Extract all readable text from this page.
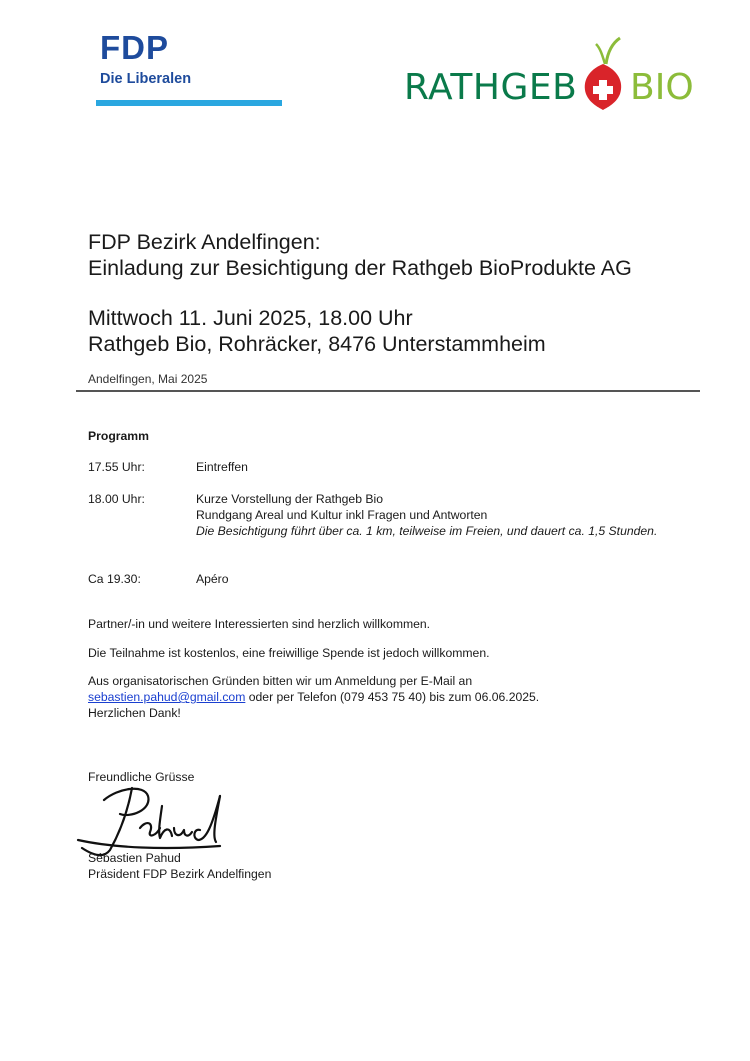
FDP
Die Liberalen	RATHGEB BIO
FDP Bezirk Andelfingen:
Einladung zur Besichtigung der Rathgeb BioProdukte AG
Mittwoch 11. Juni 2025, 18.00 Uhr
Rathgeb Bio, Rohräcker, 8476 Unterstammheim
Andelfingen, Mai 2025
Programm
17.55 Uhr:	Eintreffen
18.00 Uhr:	Kurze Vorstellung der Rathgeb Bio
Rundgang Areal und Kultur inkl Fragen und Antworten
Die Besichtigung führt über ca. 1 km, teilweise im Freien, und dauert ca. 1,5 Stunden.
Ca 19.30:	Apéro
Partner/-in und weitere Interessierten sind herzlich willkommen.
Die Teilnahme ist kostenlos, eine freiwillige Spende ist jedoch willkommen.
Aus organisatorischen Gründen bitten wir um Anmeldung per E-Mail an
sebastien.pahud@gmail.com oder per Telefon (079 453 75 40) bis zum 06.06.2025.
Herzlichen Dank!
Freundliche Grüsse
Sébastien Pahud
Präsident FDP Bezirk Andelfingen
